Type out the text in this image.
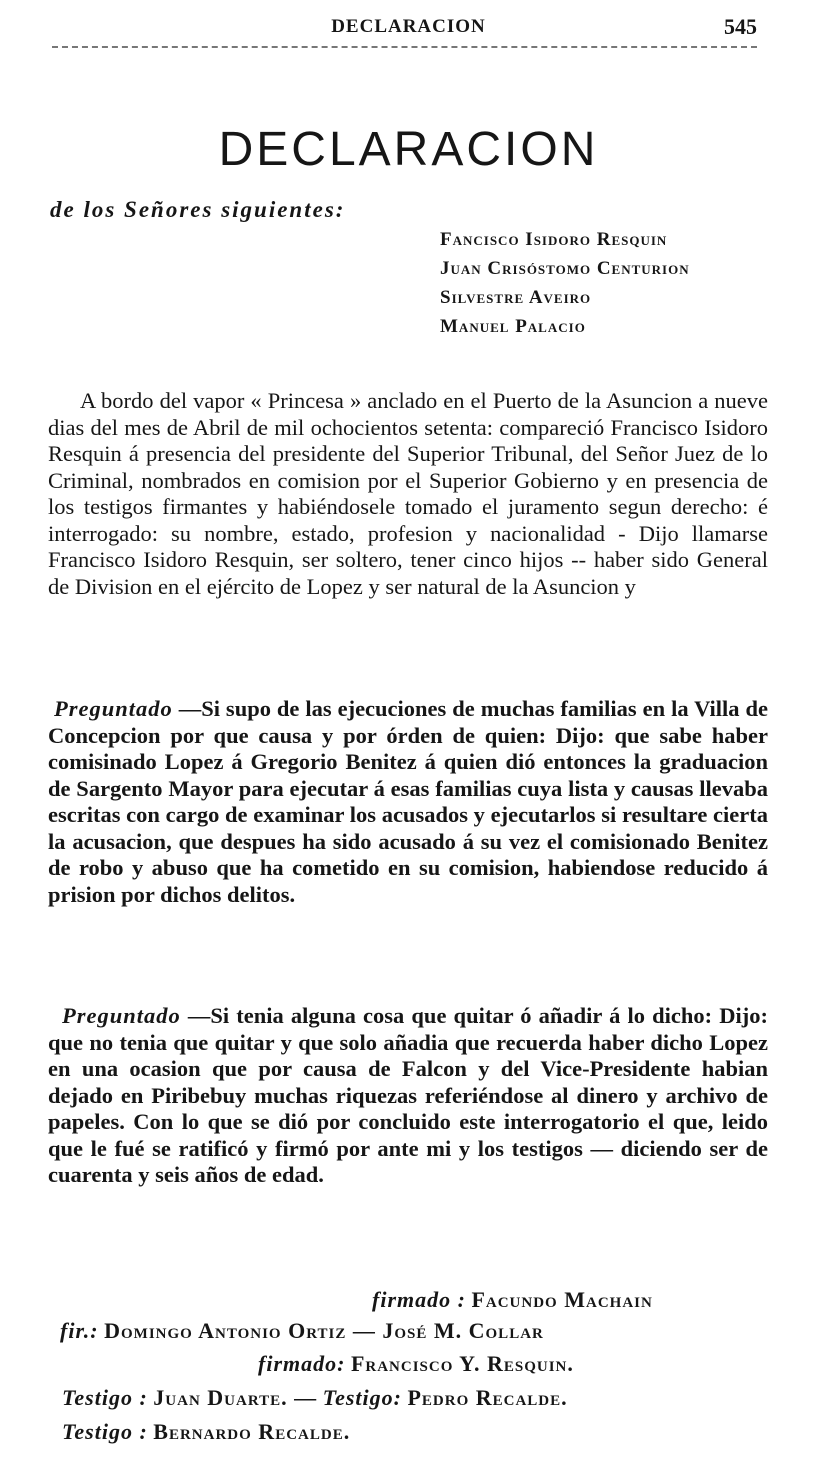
DECLARACION	545
DECLARACION
de los Señores siguientes:
Fancisco Isidoro Resquin
Juan Crisóstomo Centurion
Silvestre Aveiro
Manuel Palacio

A bordo del vapor « Princesa » anclado en el Puerto de la Asuncion a nueve dias del mes de Abril de mil ochocientos setenta: compareció Francisco Isidoro Resquin á presencia del presidente del Superior Tribunal, del Señor Juez de lo Criminal, nombrados en comision por el Superior Gobierno y en presencia de los testigos firmantes y habiéndosele tomado el juramento segun derecho: é interrogado: su nombre, estado, profesion y nacionalidad - Dijo llamarse Francisco Isidoro Resquin, ser soltero, tener cinco hijos -- haber sido General de Division en el ejército de Lopez y ser natural de la Asuncion y

Preguntado —Si supo de las ejecuciones de muchas familias en la Villa de Concepcion por que causa y por órden de quien: Dijo: que sabe haber comisinado Lopez á Gregorio Benitez á quien dió entonces la graduacion de Sargento Mayor para ejecutar á esas familias cuya lista y causas llevaba escritas con cargo de examinar los acusados y ejecutarlos si resultare cierta la acusacion, que despues ha sido acusado á su vez el comisionado Benitez de robo y abuso que ha cometido en su comision, habiendose reducido á prision por dichos delitos.

Preguntado —Si tenia alguna cosa que quitar ó añadir á lo dicho: Dijo: que no tenia que quitar y que solo añadia que recuerda haber dicho Lopez en una ocasion que por causa de Falcon y del Vice-Presidente habian dejado en Piribebuy muchas riquezas referiéndose al dinero y archivo de papeles. Con lo que se dió por concluido este interrogatorio el que, leido que le fué se ratificó y firmó por ante mi y los testigos — diciendo ser de cuarenta y seis años de edad.

firmado : Facundo Machain
fir.: Domingo Antonio Ortiz — José M. Collar
firmado: Francisco Y. Resquin.
Testigo : Juan Duarte. — Testigo: Pedro Recalde.
Testigo : Bernardo Recalde.
